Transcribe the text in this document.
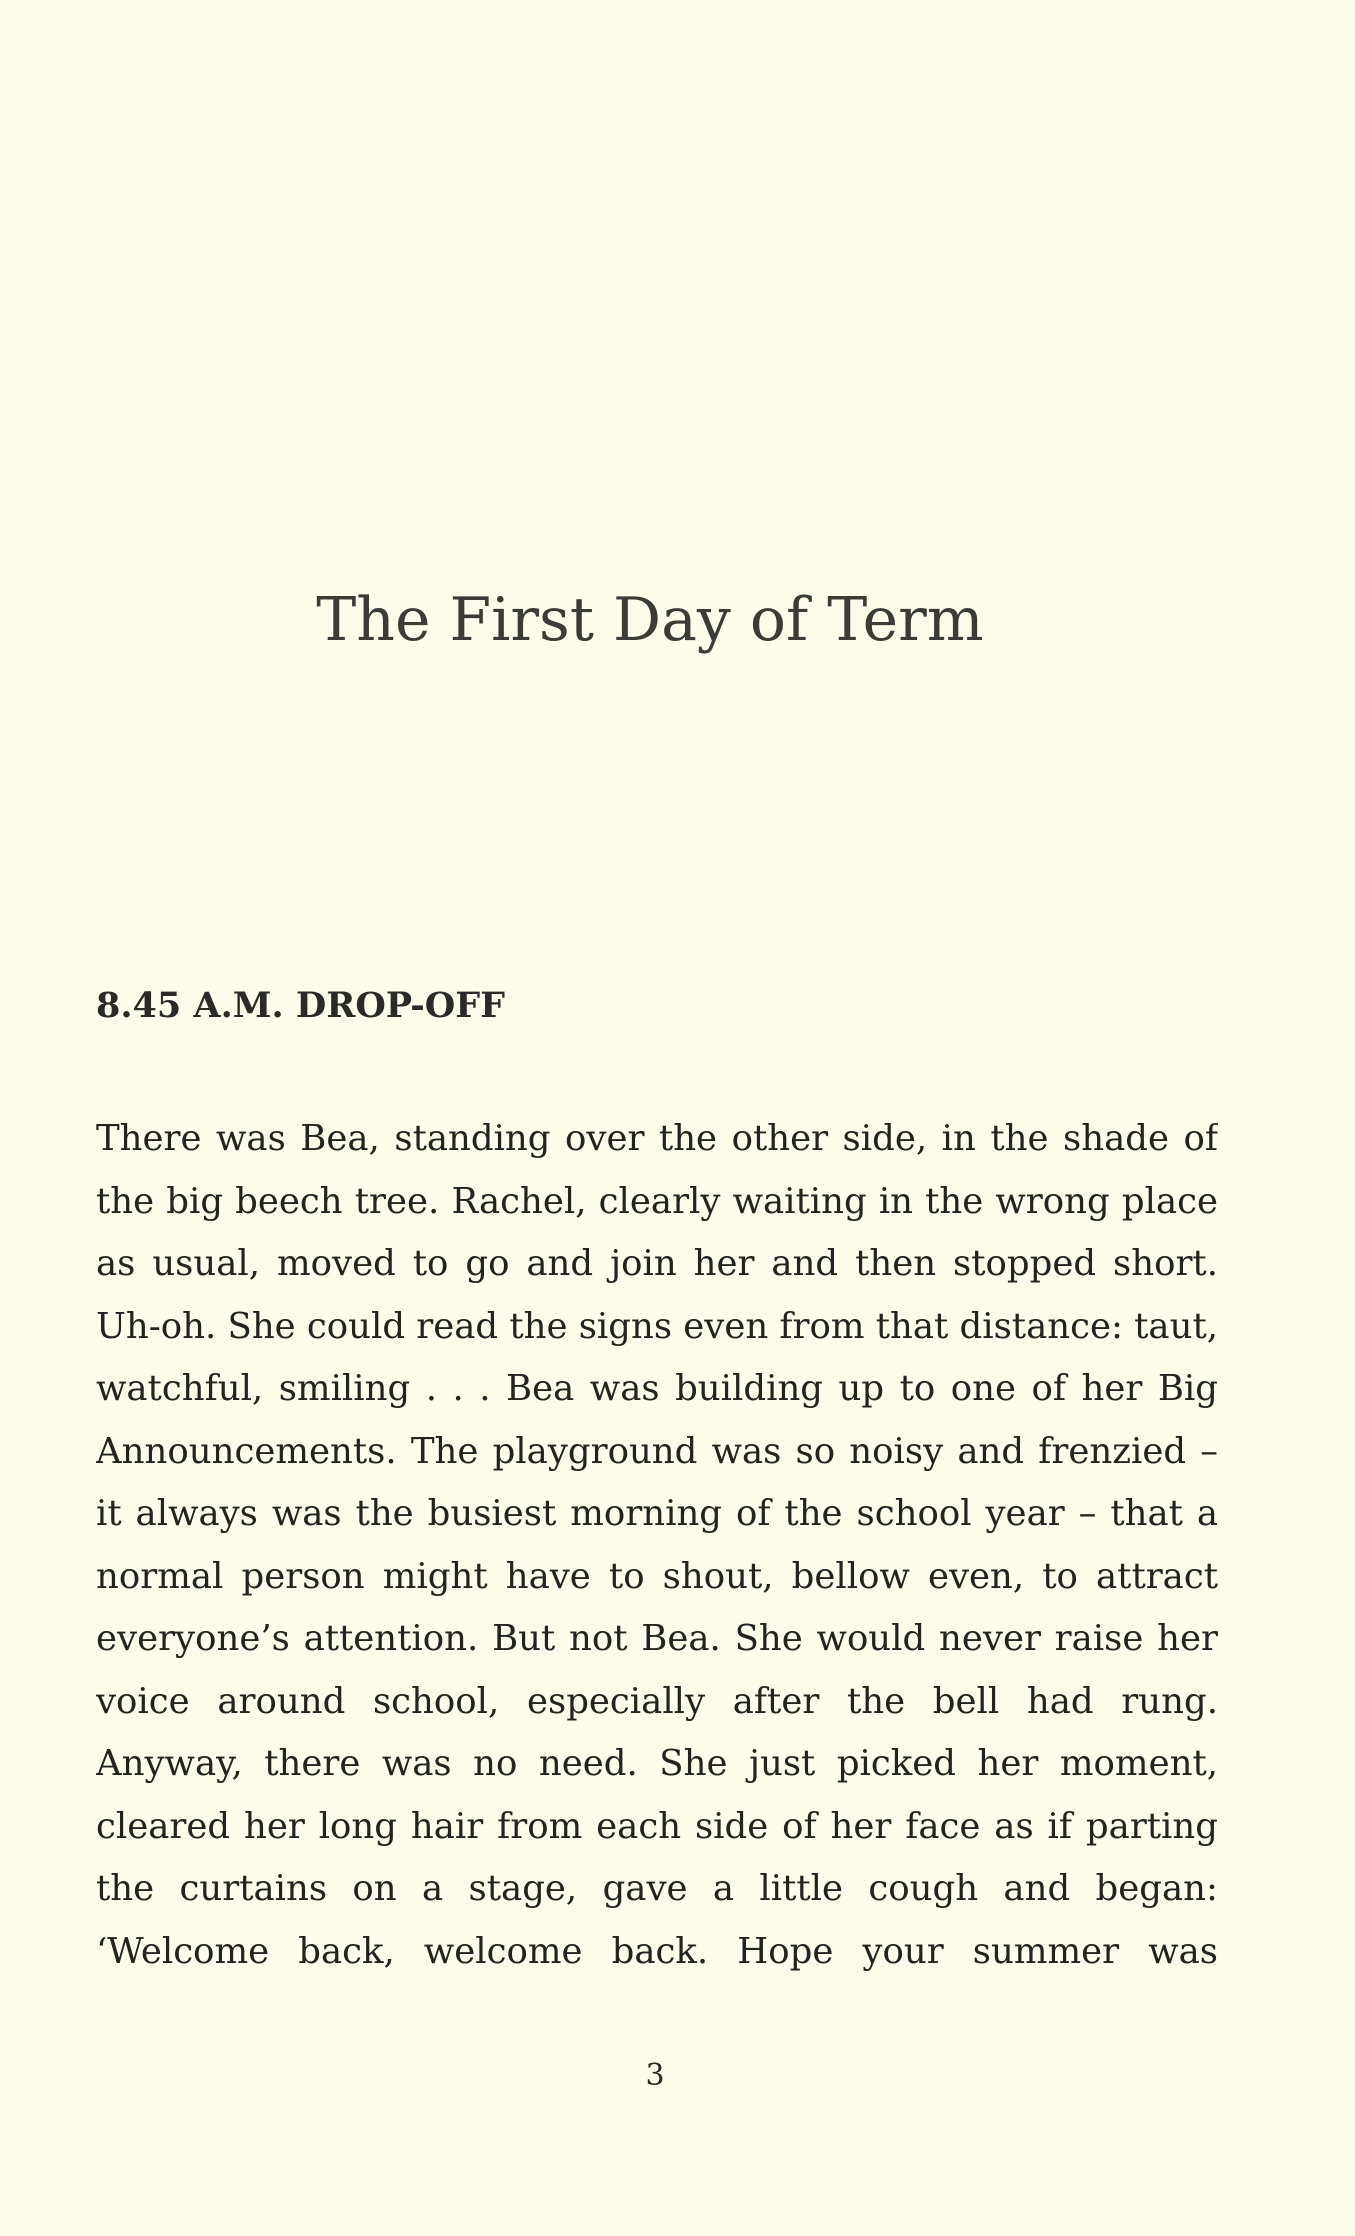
The First Day of Term
8.45 A.M. DROP-OFF
There was Bea, standing over the other side, in the shade of
the big beech tree. Rachel, clearly waiting in the wrong place
as usual, moved to go and join her and then stopped short.
Uh-oh. She could read the signs even from that distance: taut,
watchful, smiling . . . Bea was building up to one of her Big
Announcements. The playground was so noisy and frenzied –
it always was the busiest morning of the school year – that a
normal person might have to shout, bellow even, to attract
everyone’s attention. But not Bea. She would never raise her
voice around school, especially after the bell had rung.
Anyway, there was no need. She just picked her moment,
cleared her long hair from each side of her face as if parting
the curtains on a stage, gave a little cough and began:
‘Welcome back, welcome back. Hope your summer was
3
